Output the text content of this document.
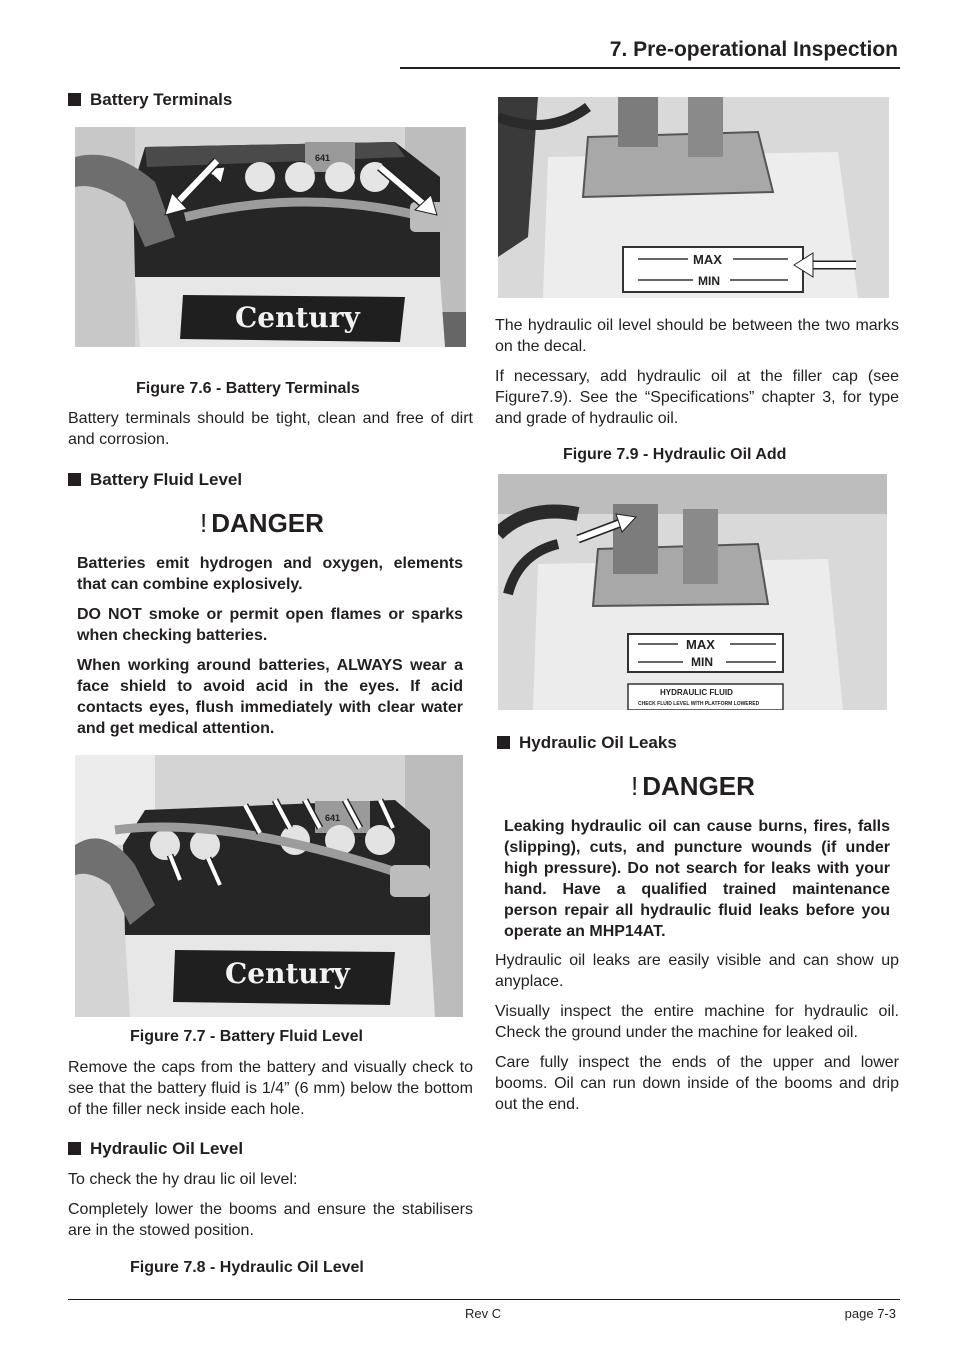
7. Pre-operational Inspection
Battery Terminals
641
Century
Figure 7.6 - Battery Terminals

Battery terminals should be tight, clean and free of dirt and corrosion.

Battery Fluid Level
! DANGER

Batteries emit hydrogen and oxygen, elements that can combine explosively.

DO NOT smoke or permit open flames or sparks when checking batteries.

When working around batteries, ALWAYS wear a face shield to avoid acid in the eyes. If acid contacts eyes, flush immediately with clear water and get medical attention.

641
Century
Figure 7.7 - Battery Fluid Level

Remove the caps from the battery and visually check to see that the battery fluid is 1/4” (6 mm) below the bottom of the filler neck inside each hole.

Hydraulic Oil Level

To check the hy drau lic oil level:

Completely lower the booms and ensure the stabilisers are in the stowed position.

Figure 7.8 - Hydraulic Oil Level
MAX
MIN

The hydraulic oil level should be between the two marks on the decal.

If necessary, add hydraulic oil at the filler cap (see Figure7.9). See the “Specifications” chapter 3, for type and grade of hydraulic oil.

Figure 7.9 - Hydraulic Oil Add
MAX
MIN
HYDRAULIC FLUID
CHECK FLUID LEVEL WITH PLATFORM LOWERED
Hydraulic Oil Leaks
! DANGER

Leaking hydraulic oil can cause burns, fires, falls (slipping), cuts, and puncture wounds (if under high pressure). Do not search for leaks with your hand. Have a qualified trained maintenance person repair all hydraulic fluid leaks before you operate an MHP14AT.

Hydraulic oil leaks are easily visible and can show up anyplace.

Visually inspect the entire machine for hydraulic oil. Check the ground under the machine for leaked oil.

Care fully inspect the ends of the upper and lower booms. Oil can run down inside of the booms and drip out the end.

Rev C	page 7-3
